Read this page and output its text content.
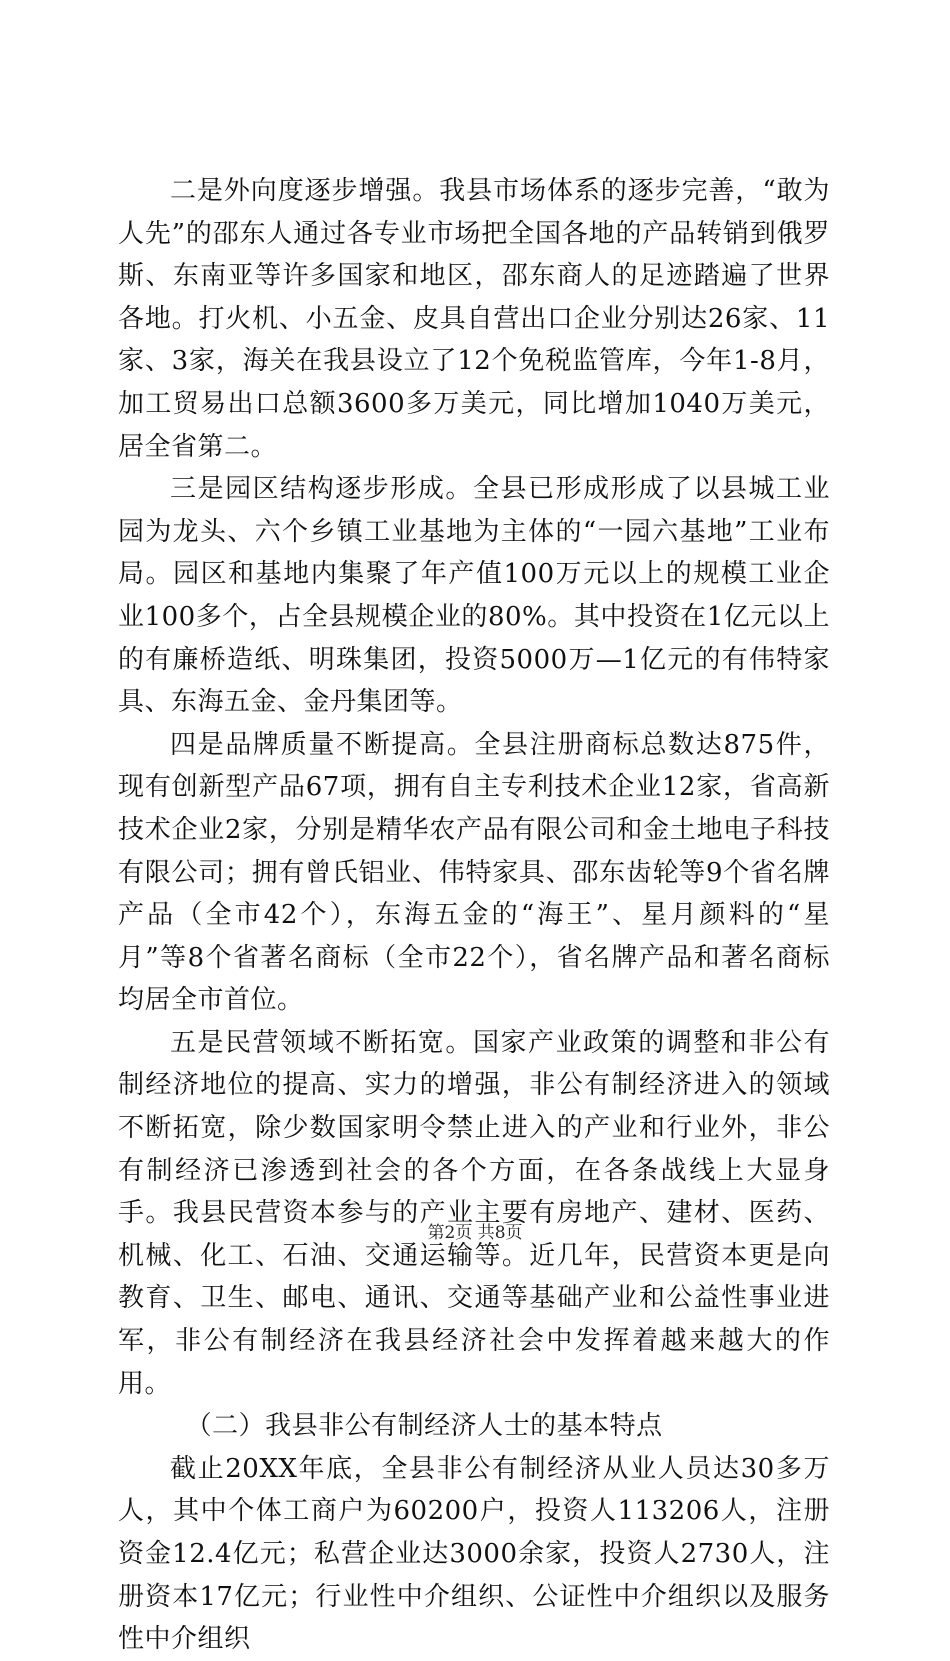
二是外向度逐步增强。我县市场体系的逐步完善，“敢为人先”的邵东人通过各专业市场把全国各地的产品转销到俄罗斯、东南亚等许多国家和地区，邵东商人的足迹踏遍了世界各地。打火机、小五金、皮具自营出口企业分别达26家、11家、3家，海关在我县设立了12个免税监管库，今年1-8月，加工贸易出口总额3600多万美元，同比增加1040万美元，居全省第二。

三是园区结构逐步形成。全县已形成形成了以县城工业园为龙头、六个乡镇工业基地为主体的“一园六基地”工业布局。园区和基地内集聚了年产值100万元以上的规模工业企业100多个，占全县规模企业的80%。其中投资在1亿元以上的有廉桥造纸、明珠集团，投资5000万—1亿元的有伟特家具、东海五金、金丹集团等。

四是品牌质量不断提高。全县注册商标总数达875件，现有创新型产品67项，拥有自主专利技术企业12家，省高新技术企业2家，分别是精华农产品有限公司和金土地电子科技有限公司；拥有曾氏铝业、伟特家具、邵东齿轮等9个省名牌产品（全市42个），东海五金的“海王”、星月颜料的“星月”等8个省著名商标（全市22个），省名牌产品和著名商标均居全市首位。

五是民营领域不断拓宽。国家产业政策的调整和非公有制经济地位的提高、实力的增强，非公有制经济进入的领域不断拓宽，除少数国家明令禁止进入的产业和行业外，非公有制经济已渗透到社会的各个方面，在各条战线上大显身手。我县民营资本参与的产业主要有房地产、建材、医药、机械、化工、石油、交通运输等。近几年，民营资本更是向教育、卫生、邮电、通讯、交通等基础产业和公益性事业进军，非公有制经济在我县经济社会中发挥着越来越大的作用。

（二）我县非公有制经济人士的基本特点

截止20XX年底，全县非公有制经济从业人员达30多万人，其中个体工商户为60200户，投资人113206人，注册资金12.4亿元；私营企业达3000余家，投资人2730人，注册资本17亿元；行业性中介组织、公证性中介组织以及服务性中介组织

第2页 共8页
